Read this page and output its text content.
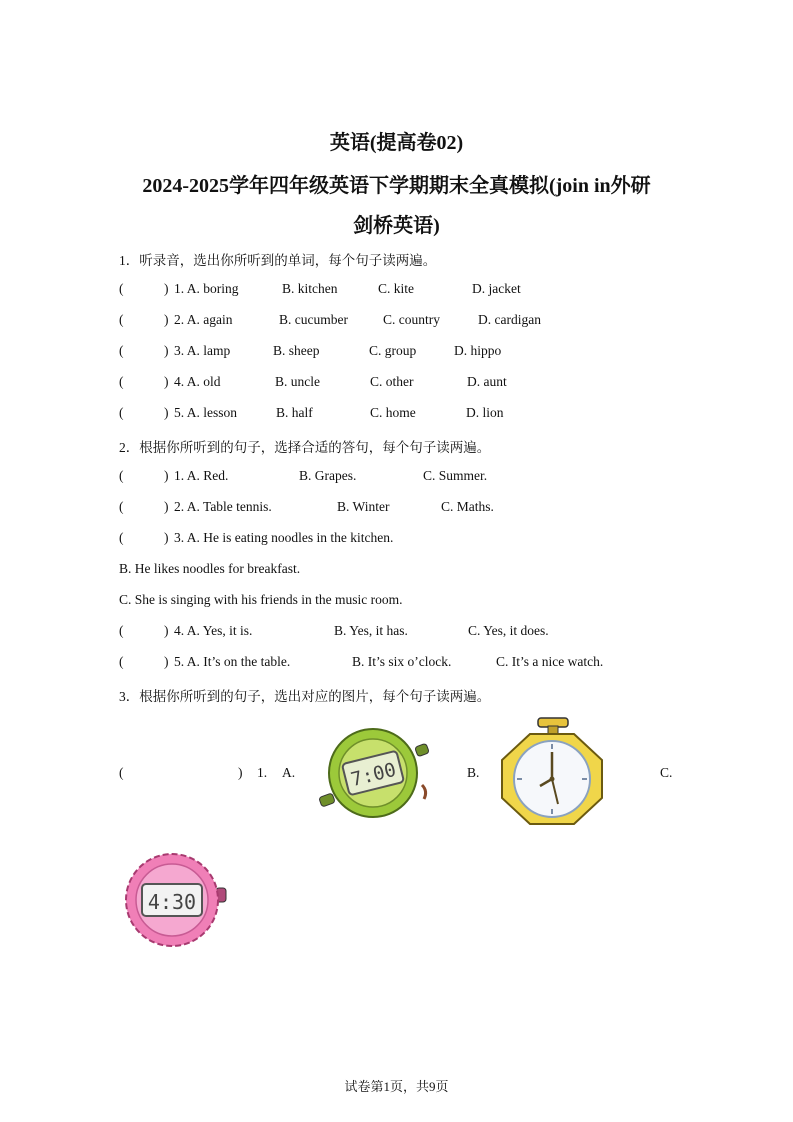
英语(提高卷02)
2024-2025学年四年级英语下学期期末全真模拟(join in外研
剑桥英语)
1．听录音，选出你所听到的单词，每个句子读两遍。
(	) 1. A. boring	B. kitchen	C. kite	D. jacket
(	) 2. A. again	B. cucumber	C. country	D. cardigan
(	) 3. A. lamp	B. sheep	C. group	D. hippo
(	) 4. A. old	B. uncle	C. other	D. aunt
(	) 5. A. lesson	B. half	C. home	D. lion
2．根据你所听到的句子，选择合适的答句，每个句子读两遍。
(	) 1. A. Red.	B. Grapes.	C. Summer.
(	) 2. A. Table tennis.	B. Winter	C. Maths.
(	) 3. A. He is eating noodles in the kitchen.
B. He likes noodles for breakfast.
C. She is singing with his friends in the music room.
(	) 4. A. Yes, it is.	B. Yes, it has.	C. Yes, it does.
(	) 5. A. It’s on the table.	B. It’s six o’clock.	C. It’s a nice watch.
3．根据你所听到的句子，选出对应的图片，每个句子读两遍。
(	) 1. A.	B.	C.
7:00
4:30
试卷第1页，共9页
